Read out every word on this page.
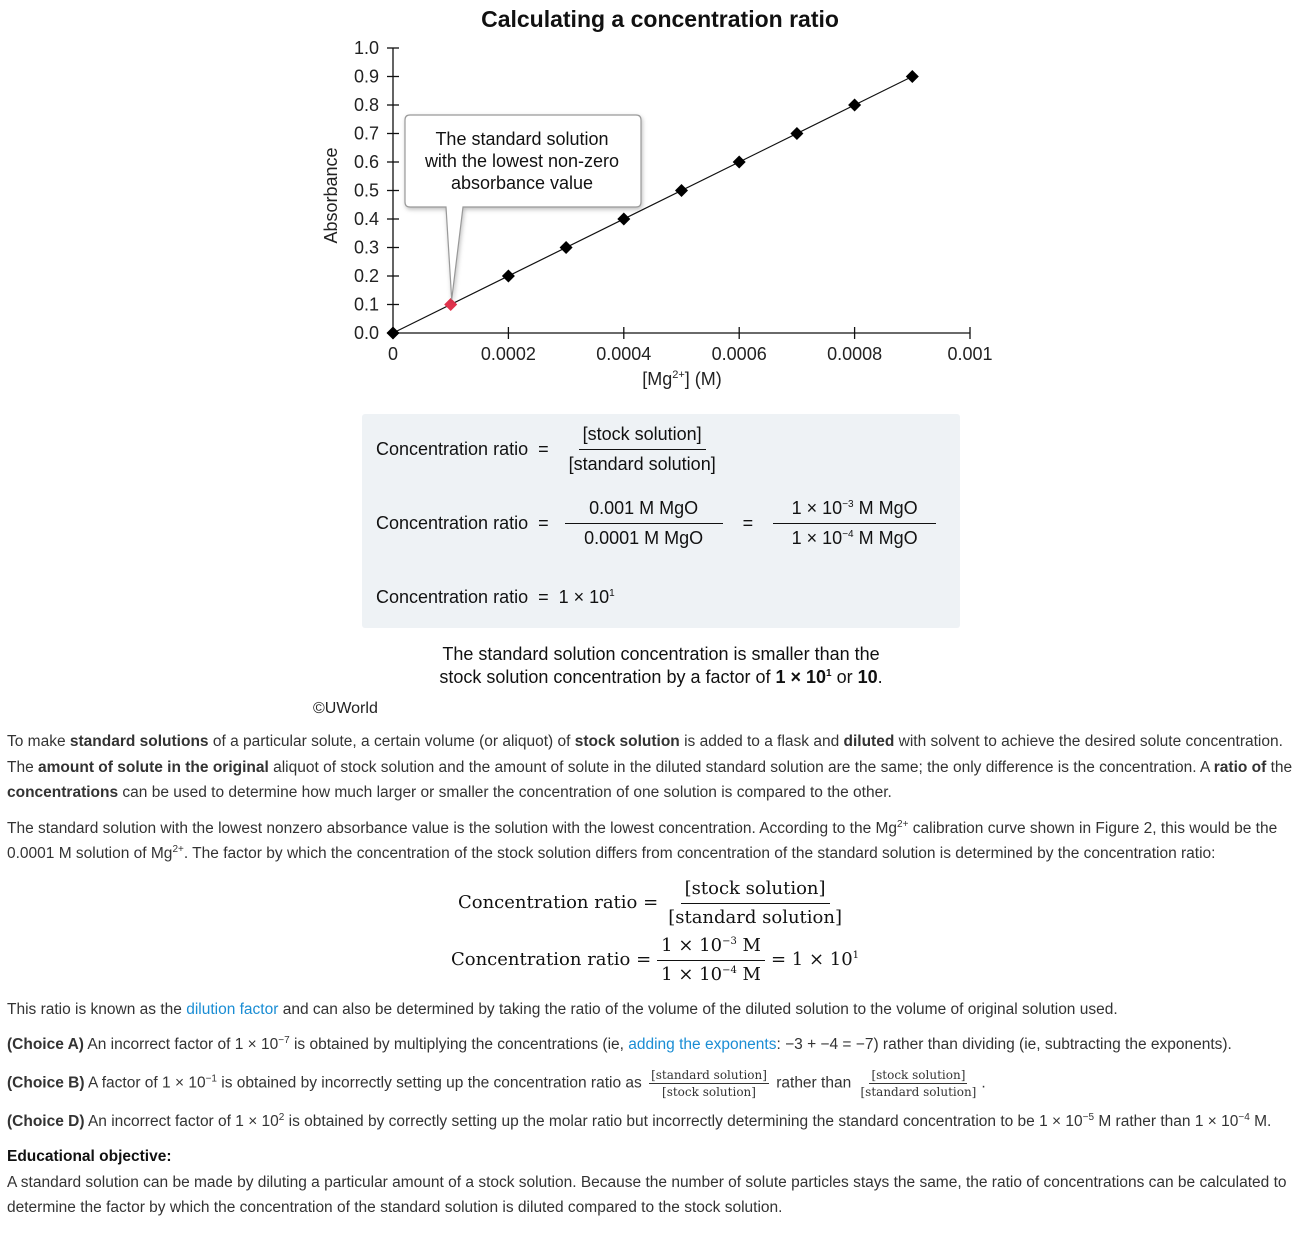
Calculating a concentration ratio
0.0
0.1
0.2
0.3
0.4
0.5
0.6
0.7
0.8
0.9
1.0
0	0.0002	0.0004	0.0006	0.0008	0.001
Absorbance
$[Mg^{2+}]$ (M)
The standard solution
with the lowest non-zero
absorbance value
Concentration ratio = $\frac{\text{[stock solution]}}{\text{[standard solution]}}$
Concentration ratio = $\frac{\text{0.001 M MgO}}{\text{0.0001 M MgO}} = \frac{1 \times 10^{-3} M MgO}{1 \times 10^{-4} M MgO}$
Concentration ratio = $1 \times 10^1$
The standard solution concentration is smaller than the
stock solution concentration by a factor of $1 \times 10^1$ or 10.
©UWorld

To make standard solutions of a particular solute, a certain volume (or aliquot) of stock solution is added to a flask and diluted with solvent to achieve the desired solute concentration. The amount of solute in the original aliquot of stock solution and the amount of solute in the diluted standard solution are the same; the only difference is the concentration. A ratio of the concentrations can be used to determine how much larger or smaller the concentration of one solution is compared to the other.

The standard solution with the lowest nonzero absorbance value is the solution with the lowest concentration. According to the $Mg^{2+}$ calibration curve shown in Figure 2, this would be the 0.0001 M solution of $Mg^{2+}$. The factor by which the concentration of the stock solution differs from concentration of the standard solution is determined by the concentration ratio:

Concentration ratio =
[stock solution]
[standard solution]
Concentration ratio = $\frac{1 \times 10^{-3} M}{1 \times 10^{-4} M} = 1 \times 10^1$

This ratio is known as the dilution factor and can also be determined by taking the ratio of the volume of the diluted solution to the volume of original solution used.

(Choice A) An incorrect factor of $1 \times 10^{-7}$ is obtained by multiplying the concentrations (ie, adding the exponents: −3 + −4 = −7) rather than dividing (ie, subtracting the exponents).

(Choice B) A factor of $1 \times 10^{-1}$ is obtained by incorrectly setting up the concentration ratio as [standard solution]
[stock solution]
rather than [stock solution]
[standard solution]
.

(Choice D) An incorrect factor of $1 \times 10^2$ is obtained by correctly setting up the molar ratio but incorrectly determining the standard concentration to be $1 \times 10^{-5}$ M rather than $1 \times 10^{-4}$ M.

Educational objective:

A standard solution can be made by diluting a particular amount of a stock solution. Because the number of solute particles stays the same, the ratio of concentrations can be calculated to determine the factor by which the concentration of the standard solution is diluted compared to the stock solution.
